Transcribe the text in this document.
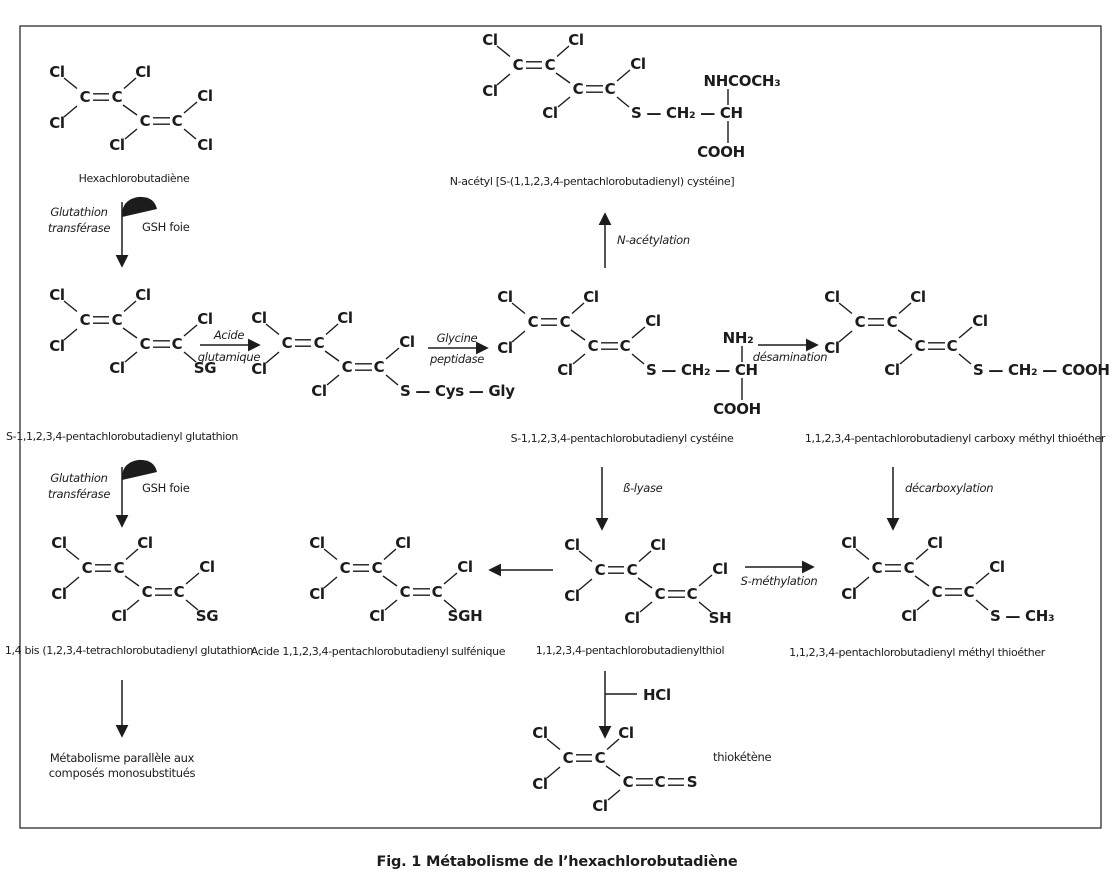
C C
Cl
Cl
Cl
C C
Cl
Cl
Cl
Hexachlorobutadiène
C C
Cl
Cl
Cl
C C
Cl
Cl
S — CH₂ — CH
NHCOCH₃
COOH
N-acétyl [S-(1,1,2,3,4-pentachlorobutadienyl) cystéine]
C C
Cl
Cl
Cl
C C
Cl
Cl
SG
S-1,1,2,3,4-pentachlorobutadienyl glutathion
C C
Cl
Cl
Cl
C C
Cl
Cl
S — Cys — Gly
C C
Cl
Cl
Cl
C C
Cl
Cl
S — CH₂ — CH
NH₂
COOH
S-1,1,2,3,4-pentachlorobutadienyl cystéine
C C
Cl
Cl
Cl
C C
Cl
Cl
S — CH₂ — COOH
1,1,2,3,4-pentachlorobutadienyl carboxy méthyl thioéther
C C
Cl
Cl
Cl
C C
Cl
Cl
SG
1,4 bis (1,2,3,4-tetrachlorobutadienyl glutathion
C C
Cl
Cl
Cl
C C
Cl
Cl
SGH
Acide 1,1,2,3,4-pentachlorobutadienyl sulfénique
C C
Cl
Cl
Cl
C C
Cl
Cl
SH
1,1,2,3,4-pentachlorobutadienylthiol
C C
Cl
Cl
Cl
C C
Cl
Cl
S — CH₃
1,1,2,3,4-pentachlorobutadienyl méthyl thioéther
C C
Cl
Cl
Cl
C C
Cl
S
Glutathion
transférase	GSH foie
N-acétylation
Acide
glutamique
Glycine
peptidase	désamination
ß-lyase	décarboxylation
Glutathion
transférase	GSH foie
S-méthylation
HCl
thiokétène
Métabolisme parallèle aux
composés monosubstitués
Fig. 1 Métabolisme de l’hexachlorobutadiène
